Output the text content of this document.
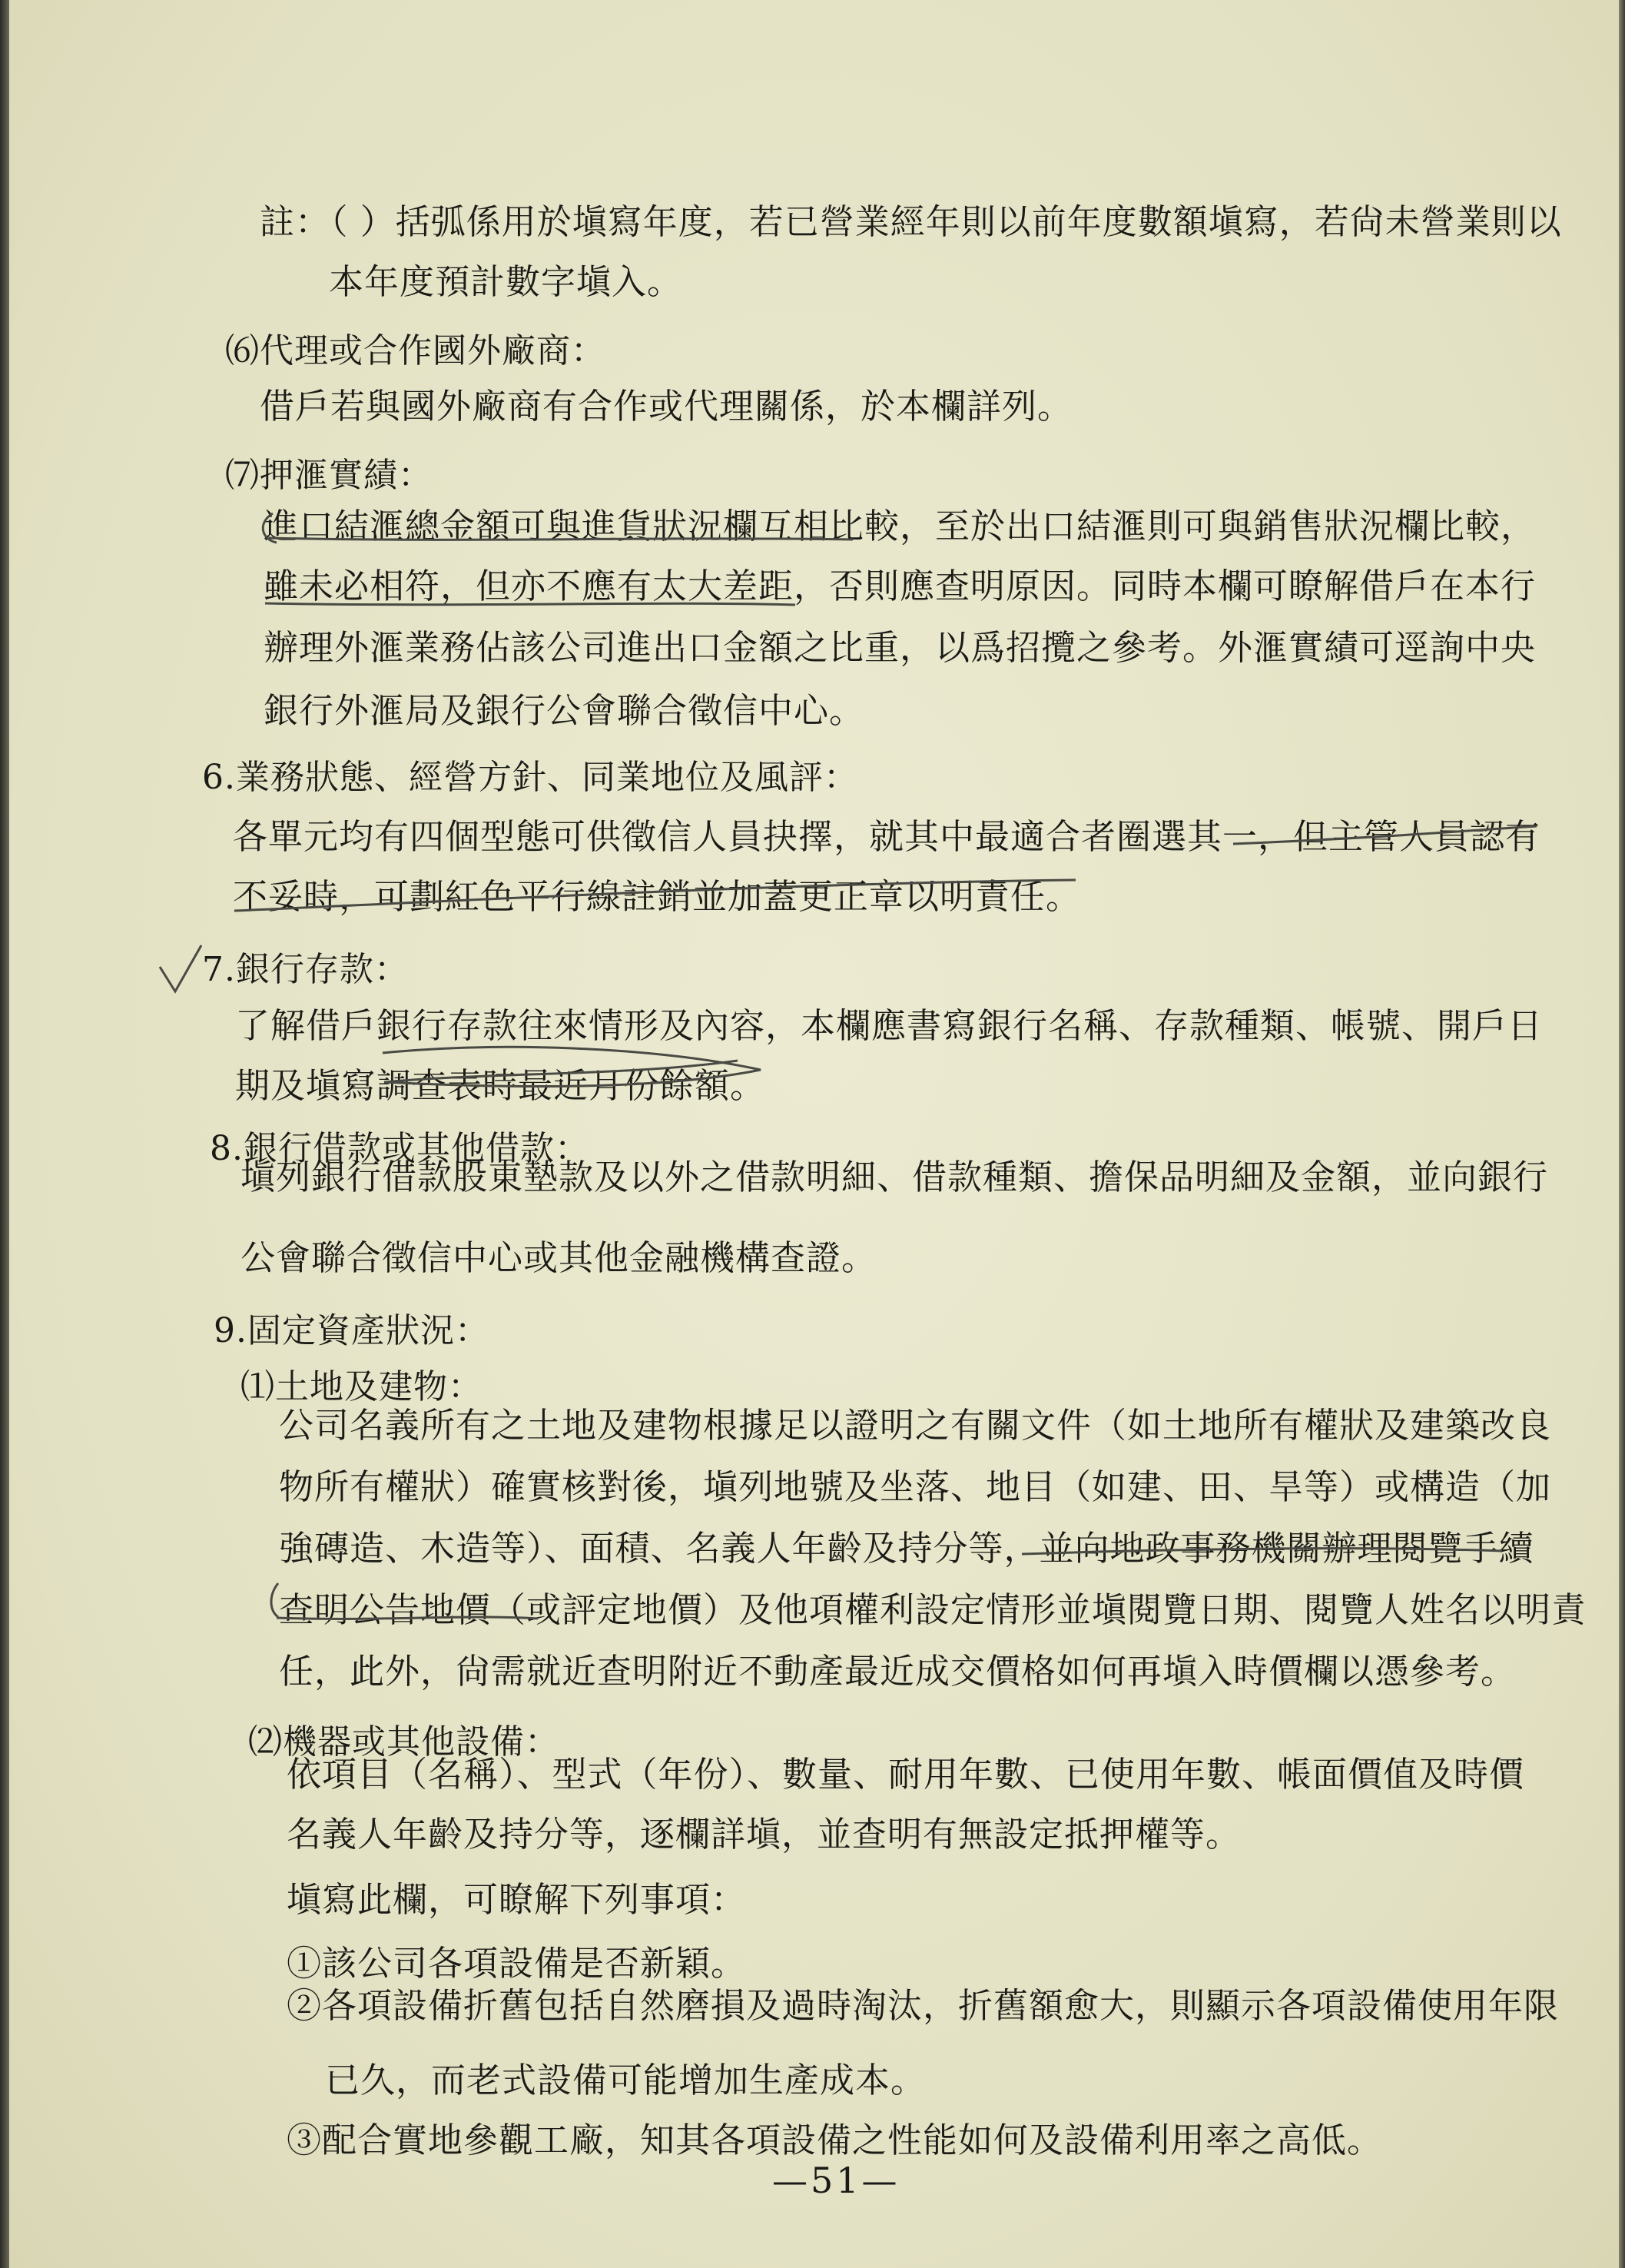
註：（ ）括弧係用於塡寫年度，若已營業經年則以前年度數額塡寫，若尙未營業則以
本年度預計數字塡入。
⑹代理或合作國外廠商：
借戶若與國外廠商有合作或代理關係，於本欄詳列。
⑺押滙實績：
進口結滙總金額可與進貨狀況欄互相比較，至於出口結滙則可與銷售狀況欄比較，
雖未必相符，但亦不應有太大差距，否則應查明原因。同時本欄可瞭解借戶在本行
辦理外滙業務佔該公司進出口金額之比重，以爲招攬之參考。外滙實績可逕詢中央
銀行外滙局及銀行公會聯合徵信中心。
6.業務狀態、經營方針、同業地位及風評：
各單元均有四個型態可供徵信人員抉擇，就其中最適合者圈選其一，但主管人員認有
不妥時，可劃紅色平行線註銷並加蓋更正章以明責任。
7.銀行存款：
了解借戶銀行存款往來情形及內容，本欄應書寫銀行名稱、存款種類、帳號、開戶日
期及塡寫調查表時最近月份餘額。
8.銀行借款或其他借款：
塡列銀行借款股東墊款及以外之借款明細、借款種類、擔保品明細及金額，並向銀行
公會聯合徵信中心或其他金融機構查證。
9.固定資產狀況：
⑴土地及建物：
公司名義所有之土地及建物根據足以證明之有關文件（如土地所有權狀及建築改良
物所有權狀）確實核對後，塡列地號及坐落、地目（如建、田、旱等）或構造（加
強磚造、木造等）、面積、名義人年齡及持分等，並向地政事務機關辦理閱覽手續
查明公告地價（或評定地價）及他項權利設定情形並塡閱覽日期、閱覽人姓名以明責
任，此外，尙需就近查明附近不動產最近成交價格如何再塡入時價欄以憑參考。
⑵機器或其他設備：
依項目（名稱）、型式（年份）、數量、耐用年數、已使用年數、帳面價值及時價
名義人年齡及持分等，逐欄詳塡，並查明有無設定抵押權等。
塡寫此欄，可瞭解下列事項：
①該公司各項設備是否新穎。
②各項設備折舊包括自然磨損及過時淘汰，折舊額愈大，則顯示各項設備使用年限
已久，而老式設備可能增加生產成本。
③配合實地參觀工廠，知其各項設備之性能如何及設備利用率之高低。
—51—
